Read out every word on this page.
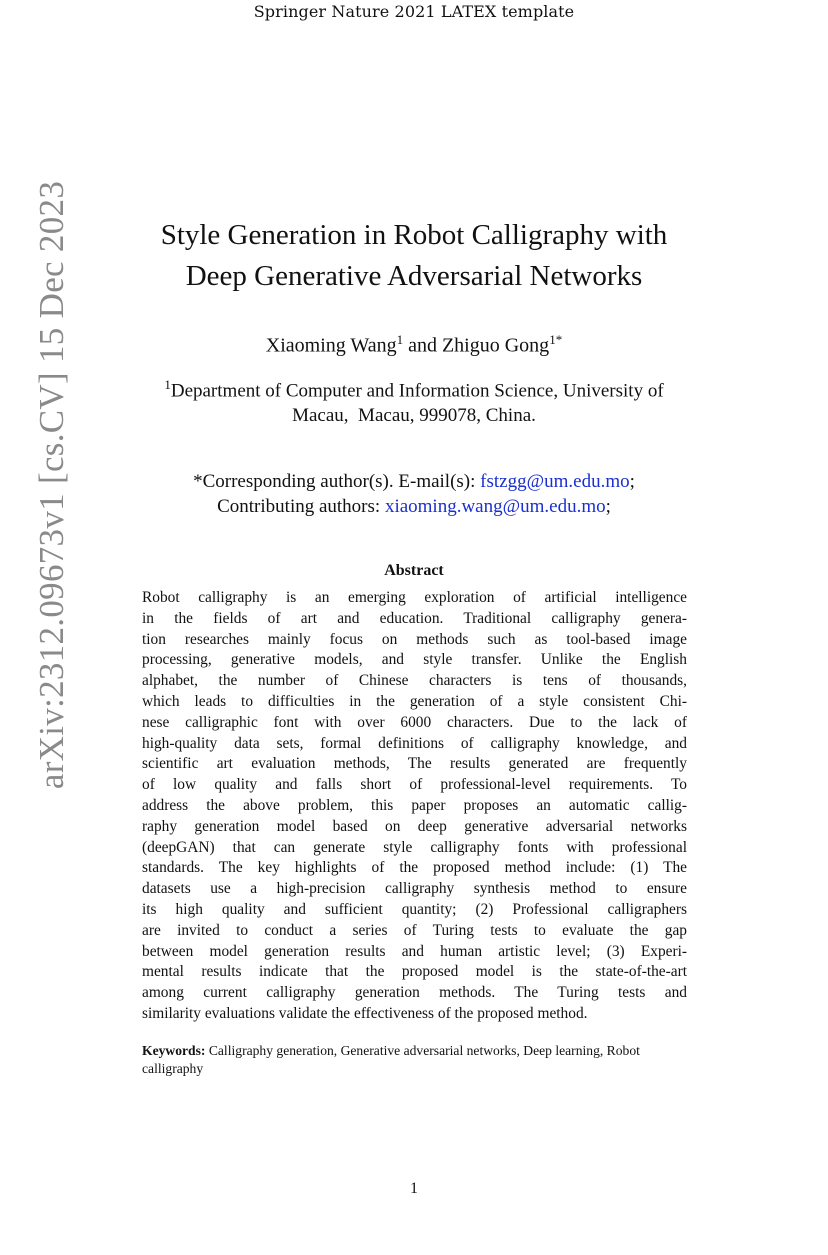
Springer Nature 2021 LATEX template
arXiv:2312.09673v1 [cs.CV] 15 Dec 2023	Style Generation in Robot Calligraphy with
Deep Generative Adversarial Networks
Xiaoming Wang$^1$ and Zhiguo Gong$^{1*}$
$^1$Department of Computer and Information Science, University of
Macau,  Macau, 999078, China.
*Corresponding author(s). E-mail(s): fstzgg@um.edu.mo;
Contributing authors: xiaoming.wang@um.edu.mo;
Abstract
Robot calligraphy is an emerging exploration of artificial intelligence
in the fields of art and education. Traditional calligraphy genera-
tion researches mainly focus on methods such as tool-based image
processing, generative models, and style transfer. Unlike the English
alphabet, the number of Chinese characters is tens of thousands,
which leads to difficulties in the generation of a style consistent Chi-
nese calligraphic font with over 6000 characters. Due to the lack of
high-quality data sets, formal definitions of calligraphy knowledge, and
scientific art evaluation methods, The results generated are frequently
of low quality and falls short of professional-level requirements. To
address the above problem, this paper proposes an automatic callig-
raphy generation model based on deep generative adversarial networks
(deepGAN) that can generate style calligraphy fonts with professional
standards. The key highlights of the proposed method include: (1) The
datasets use a high-precision calligraphy synthesis method to ensure
its high quality and sufficient quantity; (2) Professional calligraphers
are invited to conduct a series of Turing tests to evaluate the gap
between model generation results and human artistic level; (3) Experi-
mental results indicate that the proposed model is the state-of-the-art
among current calligraphy generation methods. The Turing tests and
similarity evaluations validate the effectiveness of the proposed method.
Keywords: Calligraphy generation, Generative adversarial networks, Deep learning, Robot calligraphy
1
